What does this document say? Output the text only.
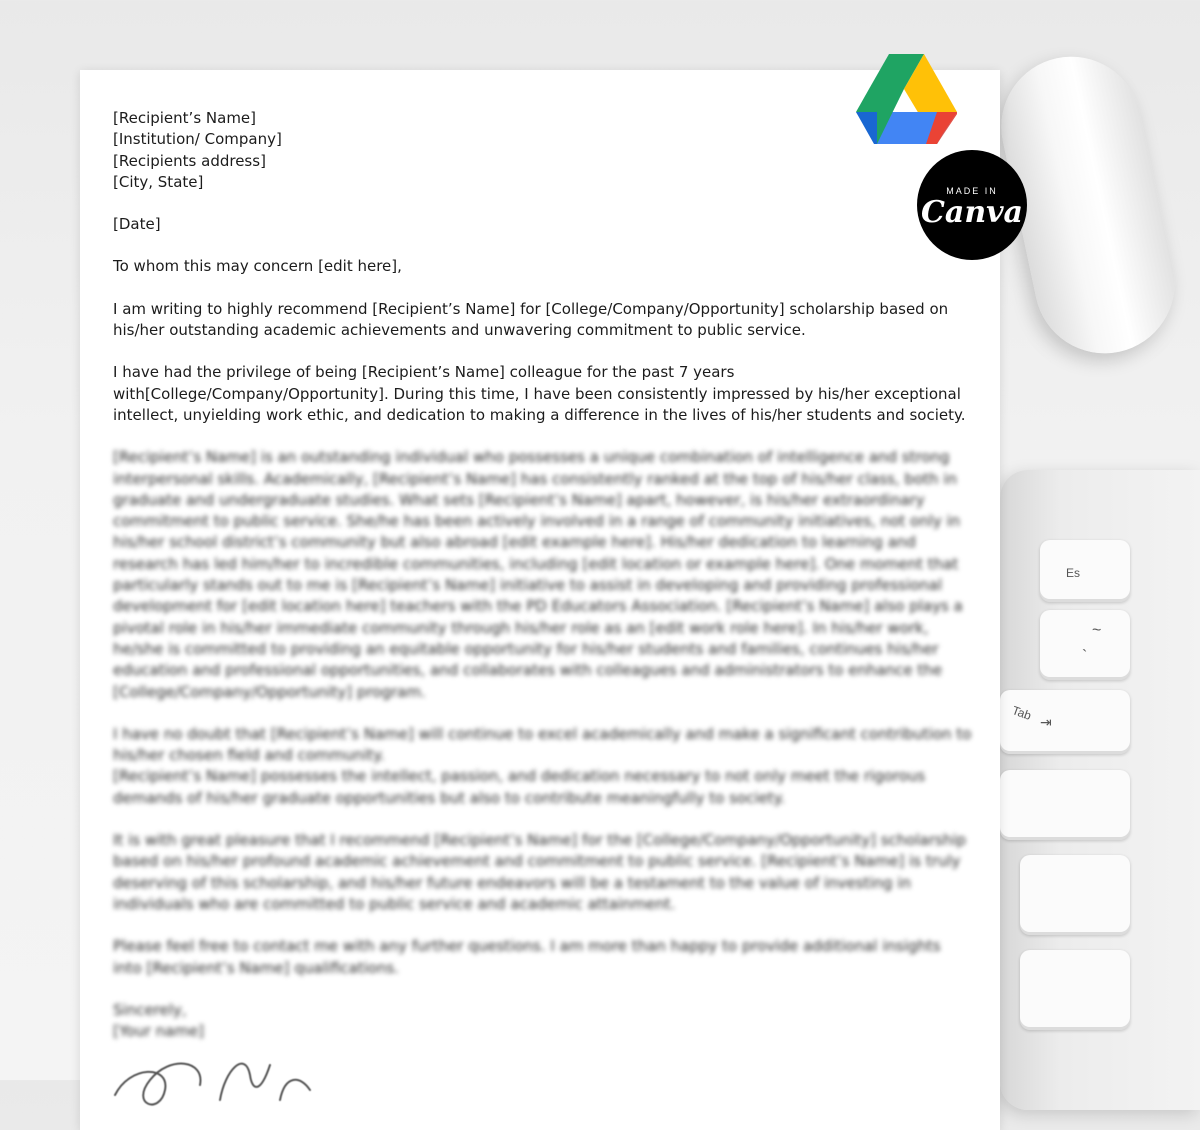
Es
~
`
Tab ⇥

[Recipient’s Name]

[Institution/ Company]

[Recipients address]

[City, State]

[Date]

To whom this may concern [edit here],

I am writing to highly recommend [Recipient’s Name] for [College/Company/Opportunity] scholarship based on his/her outstanding academic achievements and unwavering commitment to public service.

I have had the privilege of being [Recipient’s Name] colleague for the past 7 years

with[College/Company/Opportunity]. During this time, I have been consistently impressed by his/her exceptional

intellect, unyielding work ethic, and dedication to making a difference in the lives of his/her students and society.

[Recipient’s Name] is an outstanding individual who possesses a unique combination of intelligence and strong interpersonal skills. Academically, [Recipient’s Name] has consistently ranked at the top of his/her class, both in graduate and undergraduate studies. What sets [Recipient’s Name] apart, however, is his/her extraordinary commitment to public service. She/he has been actively involved in a range of community initiatives, not only in his/her school district’s community but also abroad [edit example here]. His/her dedication to learning and research has led him/her to incredible communities, including [edit location or example here]. One moment that particularly stands out to me is [Recipient’s Name] initiative to assist in developing and providing professional

development for [edit location here] teachers with the PD Educators Association. [Recipient’s Name] also plays a pivotal role in his/her immediate community through his/her role as an [edit work role here]. In his/her work, he/she is committed to providing an equitable opportunity for his/her students and families, continues his/her education and professional opportunities, and collaborates with colleagues and administrators to enhance the [College/Company/Opportunity] program.

I have no doubt that [Recipient’s Name] will continue to excel academically and make a significant contribution to his/her chosen field and community.

[Recipient’s Name] possesses the intellect, passion, and dedication necessary to not only meet the rigorous demands of his/her graduate opportunities but also to contribute meaningfully to society.

It is with great pleasure that I recommend [Recipient’s Name] for the [College/Company/Opportunity] scholarship based on his/her profound academic achievement and commitment to public service. [Recipient’s Name] is truly deserving of this scholarship, and his/her future endeavors will be a testament to the value of investing in individuals who are committed to public service and academic attainment.

Please feel free to contact me with any further questions. I am more than happy to provide additional insights into [Recipient’s Name] qualifications.

Sincerely,

[Your name]

MADE IN
Canva
